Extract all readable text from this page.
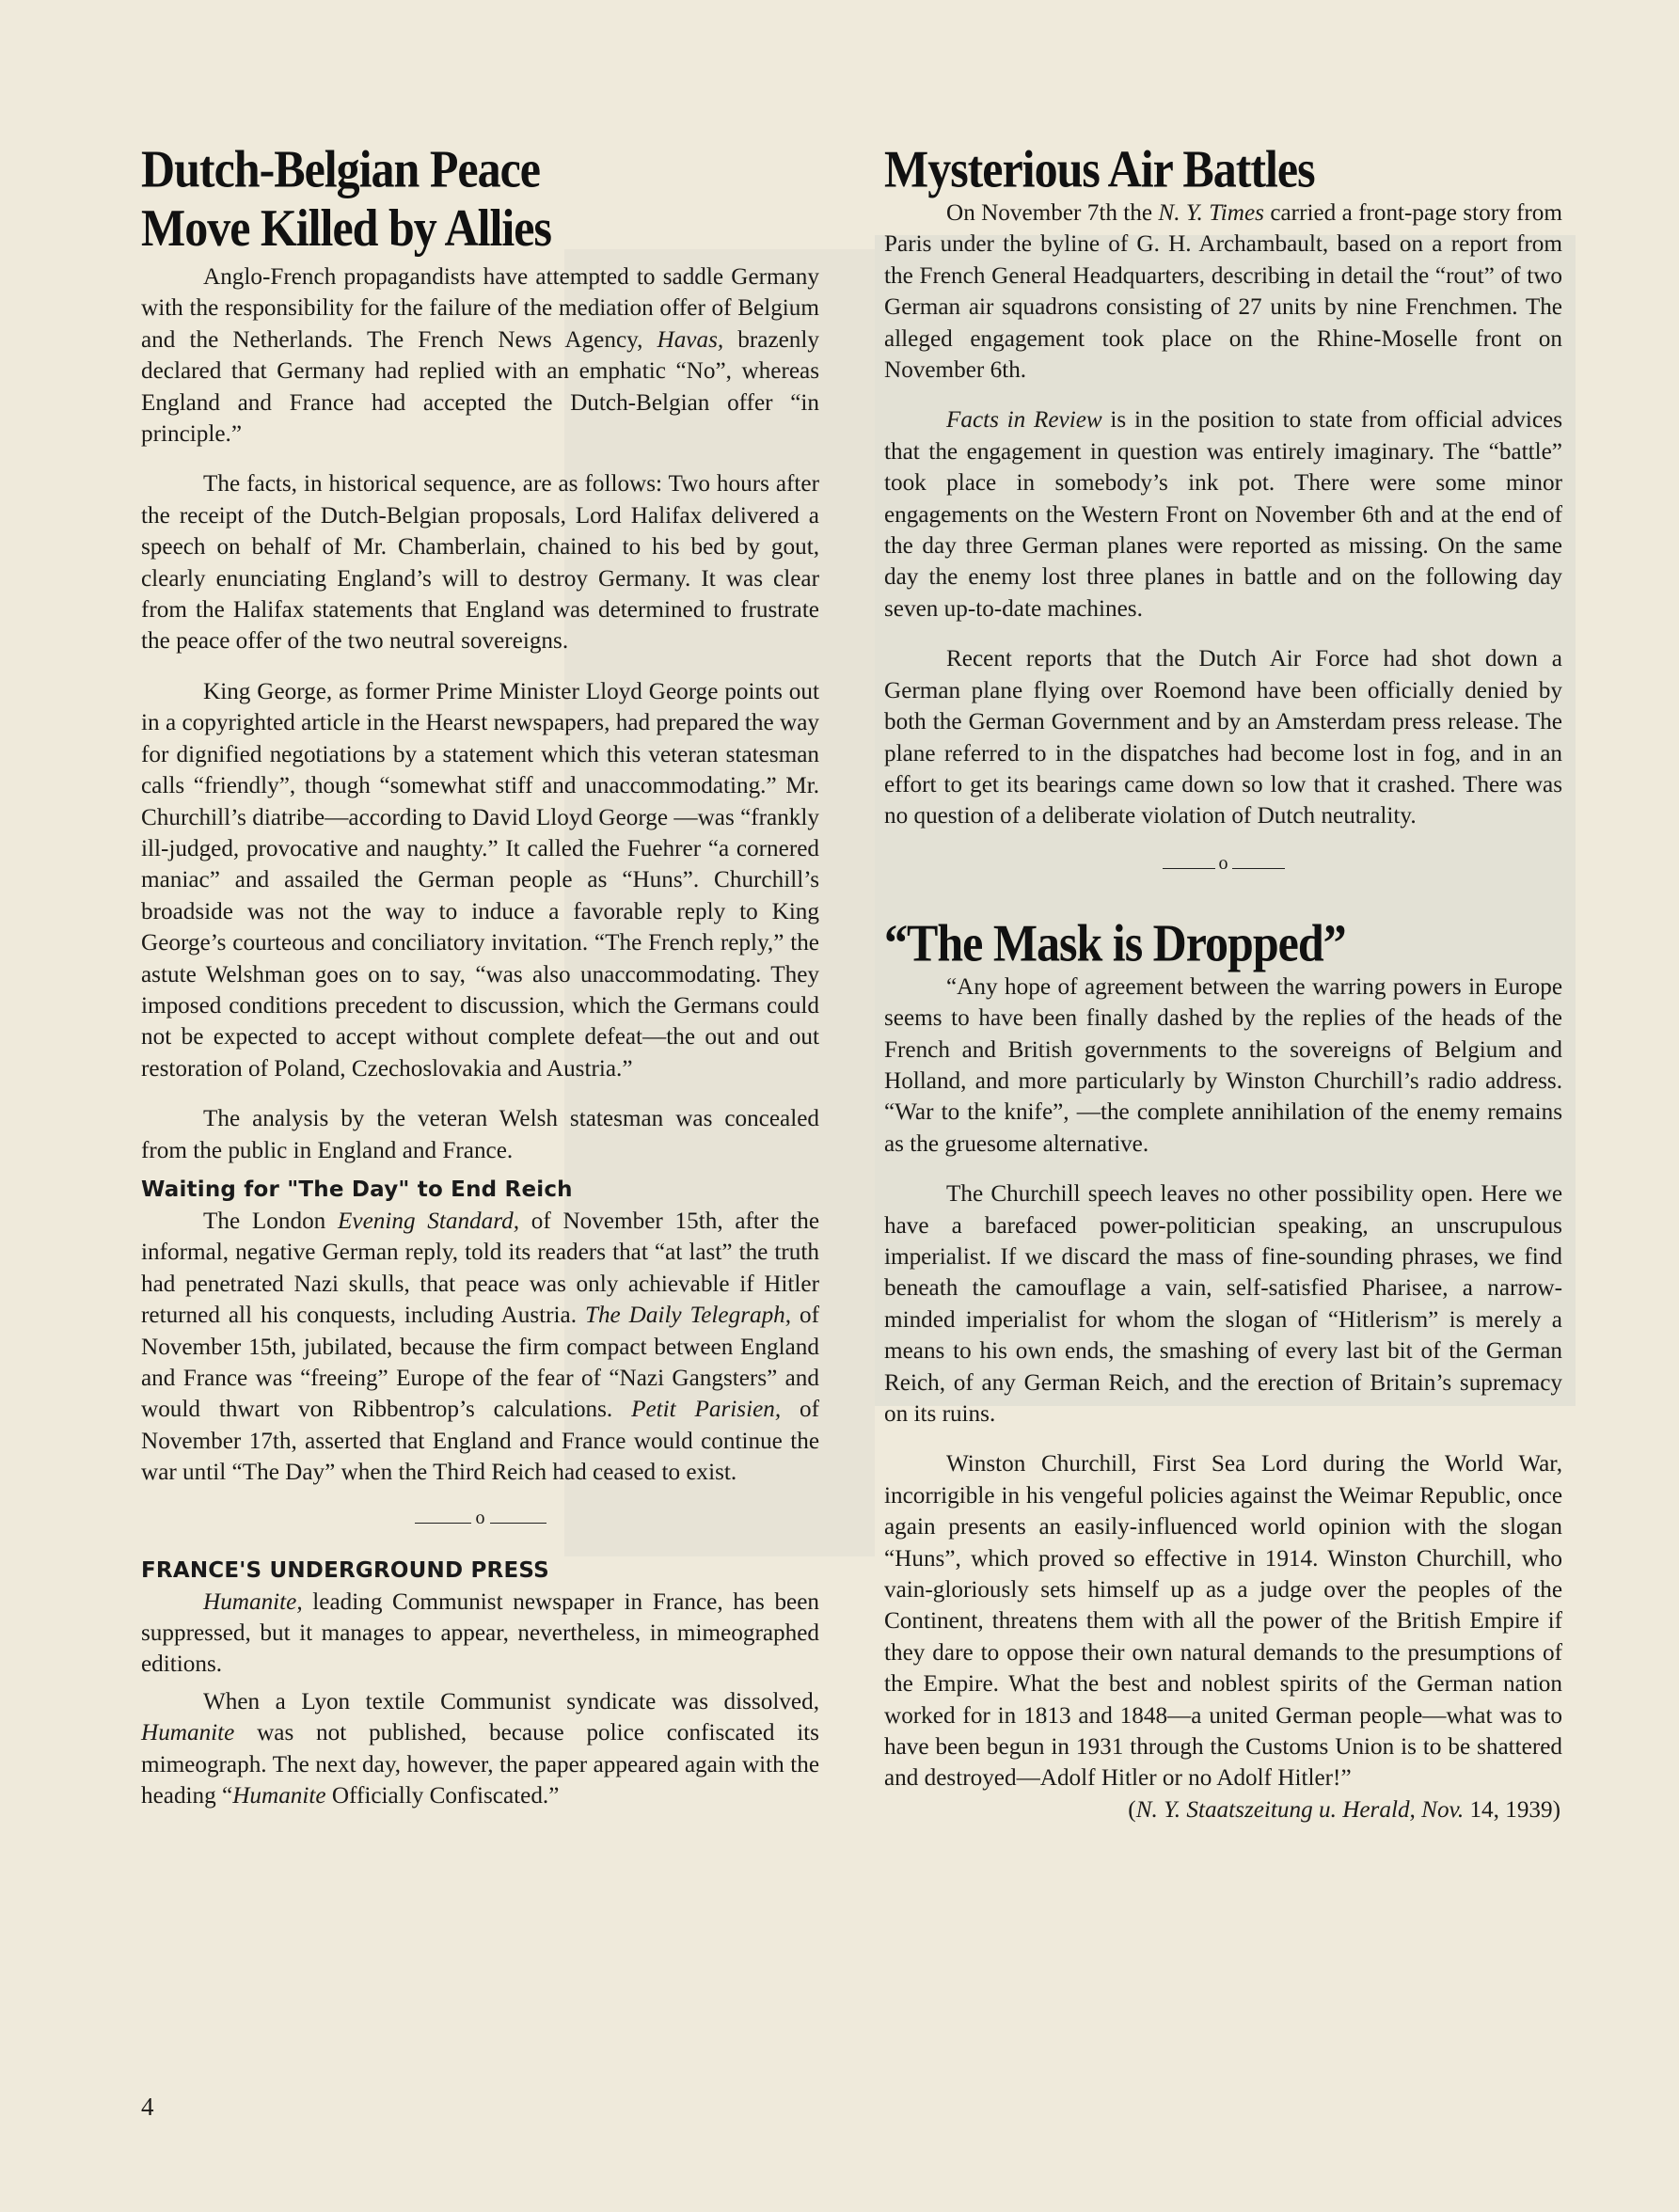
Dutch-Belgian Peace
Move Killed by Allies

Anglo-French propagandists have attempted to saddle Germany with the responsibility for the failure of the mediation offer of Belgium and the Netherlands. The French News Agency, Havas, brazenly declared that Germany had replied with an emphatic “No”, whereas England and France had accepted the Dutch-Belgian offer “in principle.”

The facts, in historical sequence, are as follows: Two hours after the receipt of the Dutch-Belgian proposals, Lord Halifax delivered a speech on behalf of Mr. Chamberlain, chained to his bed by gout, clearly enunciating England’s will to destroy Germany. It was clear from the Halifax statements that England was determined to frustrate the peace offer of the two neutral sovereigns.

King George, as former Prime Minister Lloyd George points out in a copyrighted article in the Hearst newspapers, had prepared the way for dignified negotiations by a statement which this veteran statesman calls “friendly”, though “somewhat stiff and unaccommodating.” Mr. Churchill’s diatribe—according to David Lloyd George —was “frankly ill-judged, provocative and naughty.” It called the Fuehrer “a cornered maniac” and assailed the German people as “Huns”. Churchill’s broadside was not the way to induce a favorable reply to King George’s courteous and conciliatory invitation. “The French reply,” the astute Welshman goes on to say, “was also unaccommodating. They imposed conditions precedent to discussion, which the Germans could not be expected to accept without complete defeat—the out and out restoration of Poland, Czechoslovakia and Austria.”

The analysis by the veteran Welsh statesman was concealed from the public in England and France.

Waiting for "The Day" to End Reich

The London Evening Standard, of November 15th, after the informal, negative German reply, told its readers that “at last” the truth had penetrated Nazi skulls, that peace was only achievable if Hitler returned all his conquests, including Austria. The Daily Telegraph, of November 15th, jubilated, because the firm compact between England and France was “freeing” Europe of the fear of “Nazi Gangsters” and would thwart von Ribbentrop’s calculations. Petit Parisien, of November 17th, asserted that England and France would continue the war until “The Day” when the Third Reich had ceased to exist.

o
FRANCE'S UNDERGROUND PRESS

Humanite, leading Communist newspaper in France, has been suppressed, but it manages to appear, nevertheless, in mimeographed editions.

When a Lyon textile Communist syndicate was dissolved, Humanite was not published, because police confiscated its mimeograph. The next day, however, the paper appeared again with the heading “Humanite Officially Confiscated.”

Mysterious Air Battles

On November 7th the N. Y. Times carried a front-page story from Paris under the byline of G. H. Archambault, based on a report from the French General Headquarters, describing in detail the “rout” of two German air squadrons consisting of 27 units by nine Frenchmen. The alleged engagement took place on the Rhine-Moselle front on November 6th.

Facts in Review is in the position to state from official advices that the engagement in question was entirely imaginary. The “battle” took place in somebody’s ink pot. There were some minor engagements on the Western Front on November 6th and at the end of the day three German planes were reported as missing. On the same day the enemy lost three planes in battle and on the following day seven up-to-date machines.

Recent reports that the Dutch Air Force had shot down a German plane flying over Roemond have been officially denied by both the German Government and by an Amsterdam press release. The plane referred to in the dispatches had become lost in fog, and in an effort to get its bearings came down so low that it crashed. There was no question of a deliberate violation of Dutch neutrality.

o
“The Mask is Dropped”

“Any hope of agreement between the warring powers in Europe seems to have been finally dashed by the replies of the heads of the French and British governments to the sovereigns of Belgium and Holland, and more particularly by Winston Churchill’s radio address. “War to the knife”, —the complete annihilation of the enemy remains as the gruesome alternative.

The Churchill speech leaves no other possibility open. Here we have a barefaced power-politician speaking, an unscrupulous imperialist. If we discard the mass of fine-sounding phrases, we find beneath the camouflage a vain, self-satisfied Pharisee, a narrow-minded imperialist for whom the slogan of “Hitlerism” is merely a means to his own ends, the smashing of every last bit of the German Reich, of any German Reich, and the erection of Britain’s supremacy on its ruins.

Winston Churchill, First Sea Lord during the World War, incorrigible in his vengeful policies against the Weimar Republic, once again presents an easily-influenced world opinion with the slogan “Huns”, which proved so effective in 1914. Winston Churchill, who vain-gloriously sets himself up as a judge over the peoples of the Continent, threatens them with all the power of the British Empire if they dare to oppose their own natural demands to the presumptions of the Empire. What the best and noblest spirits of the German nation worked for in 1813 and 1848—a united German people—what was to have been begun in 1931 through the Customs Union is to be shattered and destroyed—Adolf Hitler or no Adolf Hitler!”

(N. Y. Staatszeitung u. Herald, Nov. 14, 1939)

4
